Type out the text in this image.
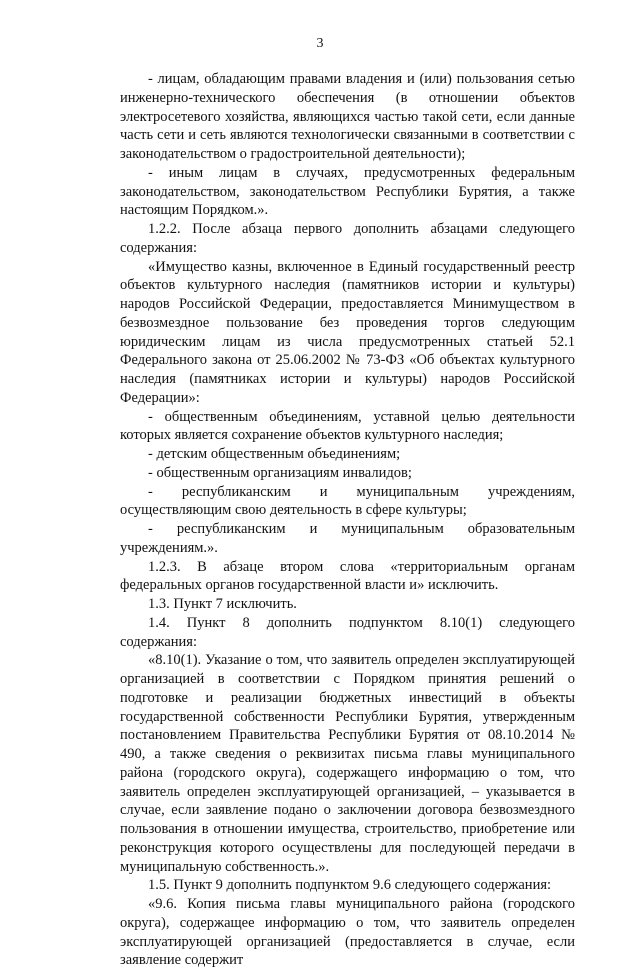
3

- лицам, обладающим правами владения и (или) пользования сетью инженерно-технического обеспечения (в отношении объектов электросетевого хозяйства, являющихся частью такой сети, если данные часть сети и сеть являются технологически связанными в соответствии с законодательством о градостроительной деятельности);

- иным лицам в случаях, предусмотренных федеральным законодательством, законодательством Республики Бурятия, а также настоящим Порядком.».

1.2.2. После абзаца первого дополнить абзацами следующего содержания:

«Имущество казны, включенное в Единый государственный реестр объектов культурного наследия (памятников истории и культуры) народов Российской Федерации, предоставляется Минимуществом в безвозмездное пользование без проведения торгов следующим юридическим лицам из числа предусмотренных статьей 52.1 Федерального закона от 25.06.2002 № 73-ФЗ «Об объектах культурного наследия (памятниках истории и культуры) народов Российской Федерации»:

- общественным объединениям, уставной целью деятельности которых является сохранение объектов культурного наследия;

- детским общественным объединениям;

- общественным организациям инвалидов;

- республиканским и муниципальным учреждениям, осуществляющим свою деятельность в сфере культуры;

- республиканским и муниципальным образовательным учреждениям.».

1.2.3. В абзаце втором слова «территориальным органам федеральных органов государственной власти и» исключить.

1.3. Пункт 7 исключить.

1.4. Пункт 8 дополнить подпунктом 8.10(1) следующего содержания:

«8.10(1). Указание о том, что заявитель определен эксплуатирующей организацией в соответствии с Порядком принятия решений о подготовке и реализации бюджетных инвестиций в объекты государственной собственности Республики Бурятия, утвержденным постановлением Правительства Республики Бурятия от 08.10.2014 № 490, а также сведения о реквизитах письма главы муниципального района (городского округа), содержащего информацию о том, что заявитель определен эксплуатирующей организацией, – указывается в случае, если заявление подано о заключении договора безвозмездного пользования в отношении имущества, строительство, приобретение или реконструкция которого осуществлены для последующей передачи в муниципальную собственность.».

1.5. Пункт 9 дополнить подпунктом 9.6 следующего содержания:

«9.6. Копия письма главы муниципального района (городского округа), содержащее информацию о том, что заявитель определен эксплуатирующей организацией (предоставляется в случае, если заявление содержит
